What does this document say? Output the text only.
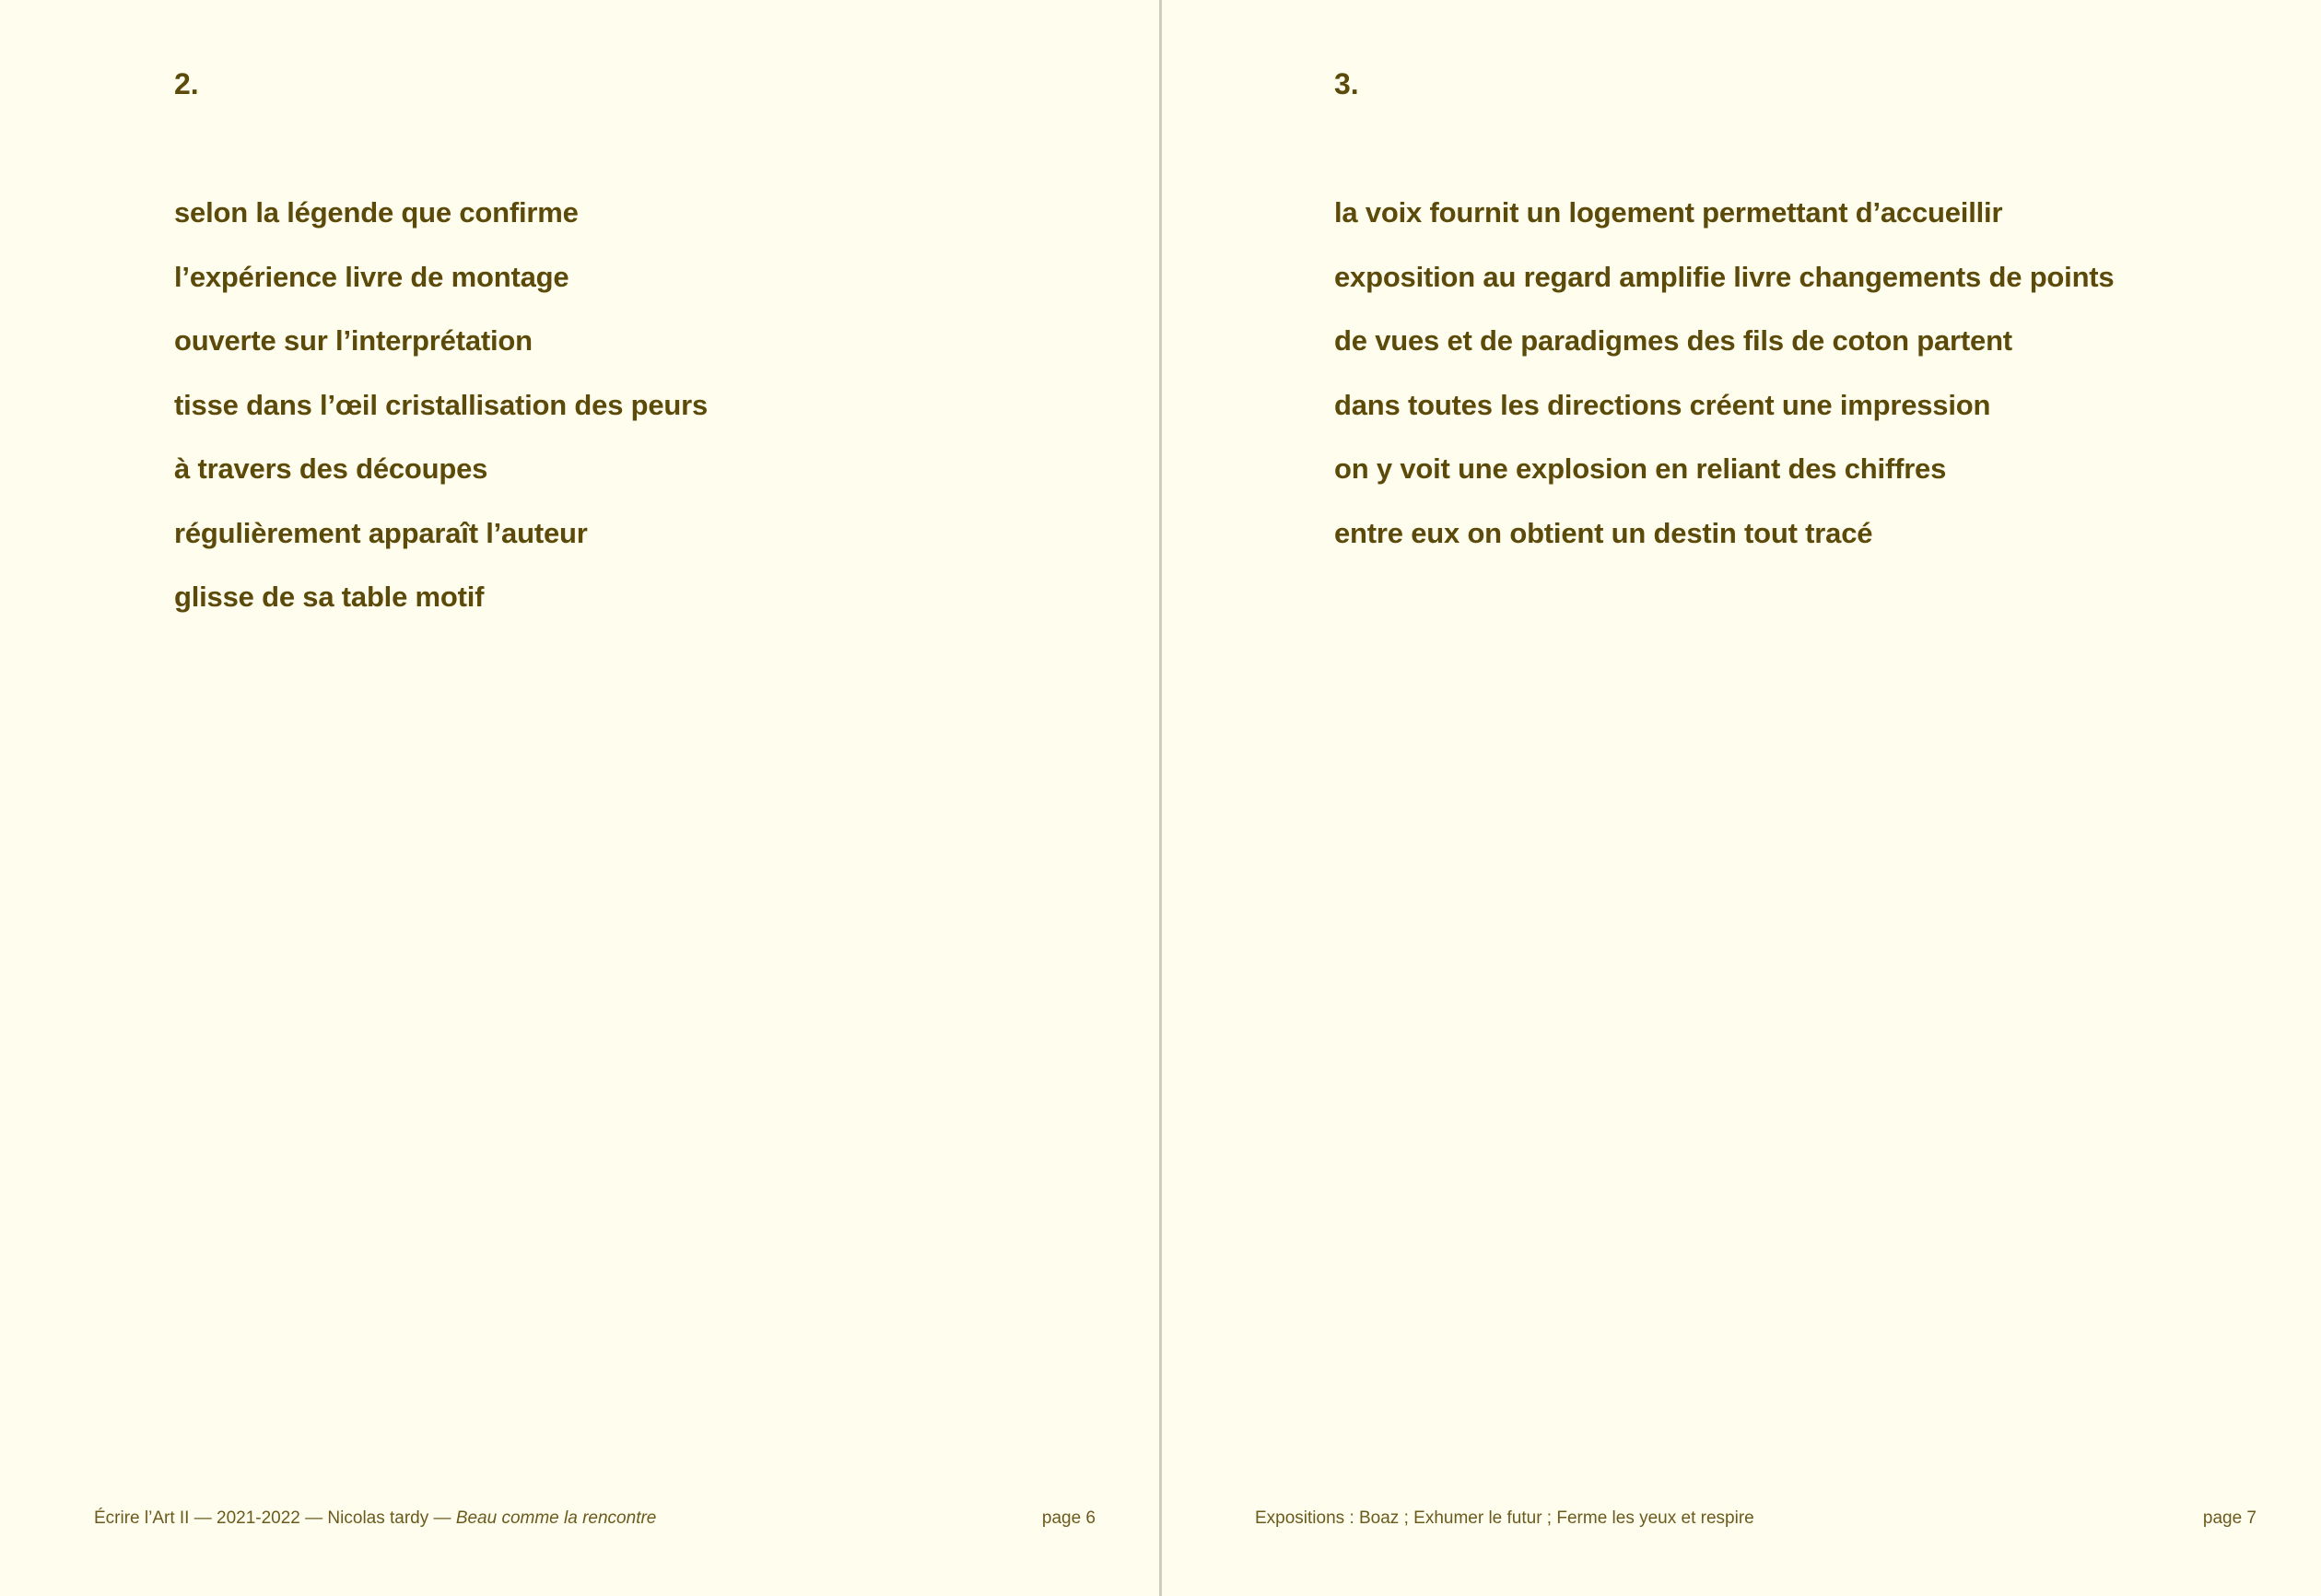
2.
selon la légende que confirme
l’expérience livre de montage
ouverte sur l’interprétation
tisse dans l’œil cristallisation des peurs
à travers des découpes
régulièrement apparaît l’auteur
glisse de sa table motif
Écrire l’Art II — 2021-2022 — Nicolas tardy — Beau comme la rencontre	page 6
3.
la voix fournit un logement permettant d’accueillir
exposition au regard amplifie livre changements de points
de vues et de paradigmes des fils de coton partent
dans toutes les directions créent une impression
on y voit une explosion en reliant des chiffres
entre eux on obtient un destin tout tracé
Expositions : Boaz ; Exhumer le futur ; Ferme les yeux et respire	page 7
